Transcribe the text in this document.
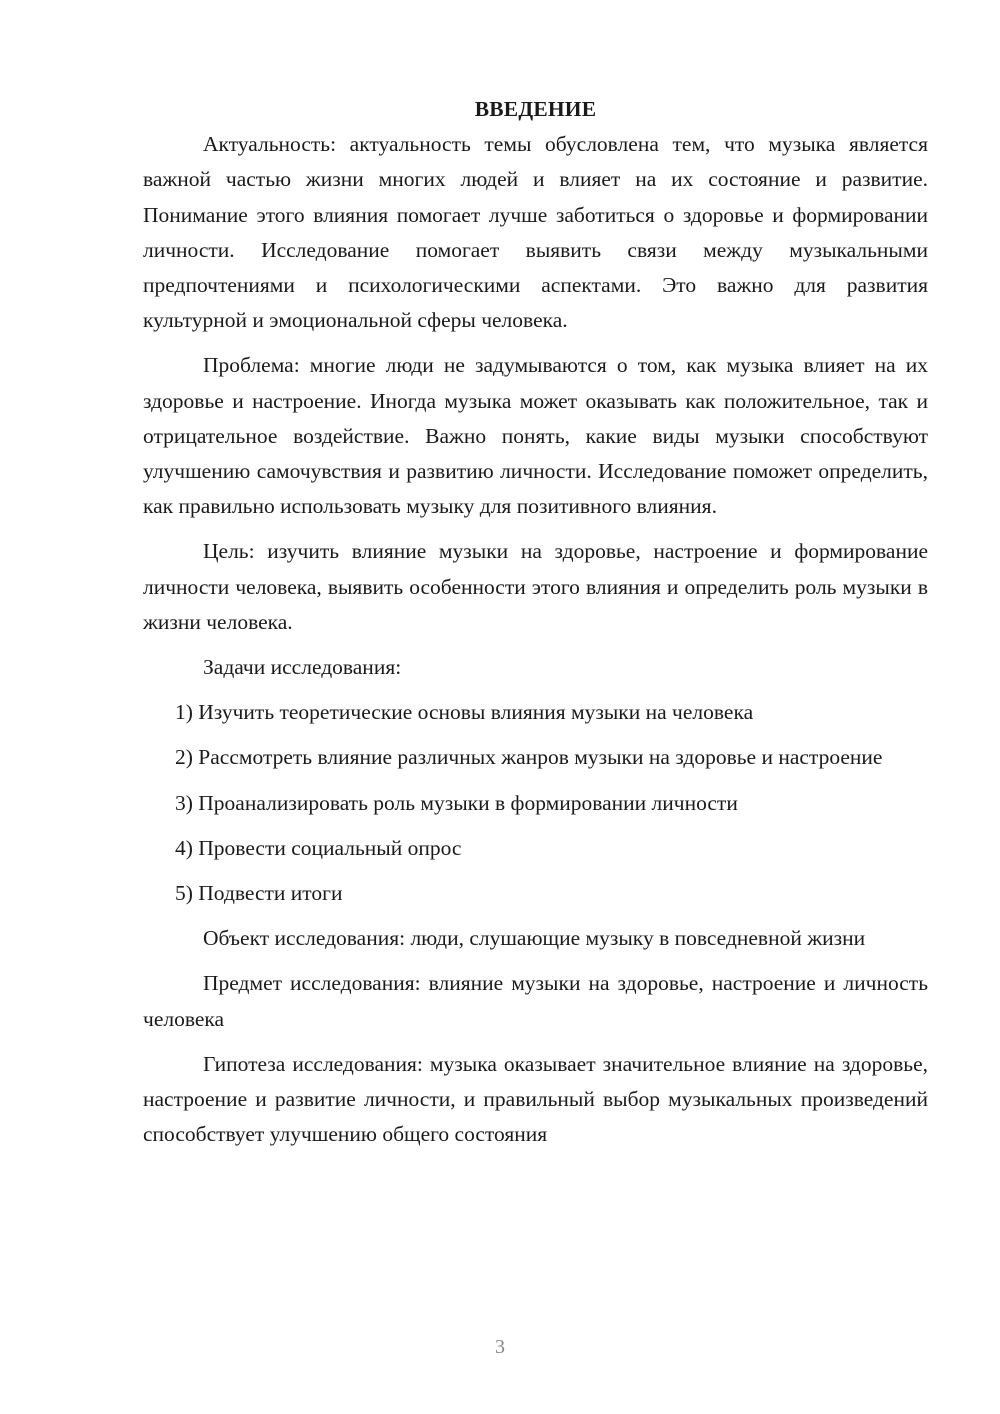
ВВЕДЕНИЕ

Актуальность: актуальность темы обусловлена тем, что музыка является важной частью жизни многих людей и влияет на их состояние и развитие. Понимание этого влияния помогает лучше заботиться о здоровье и формировании личности. Исследование помогает выявить связи между музыкальными предпочтениями и психологическими аспектами. Это важно для развития культурной и эмоциональной сферы человека.

Проблема: многие люди не задумываются о том, как музыка влияет на их здоровье и настроение. Иногда музыка может оказывать как положительное, так и отрицательное воздействие. Важно понять, какие виды музыки способствуют улучшению самочувствия и развитию личности. Исследование поможет определить, как правильно использовать музыку для позитивного влияния.

Цель: изучить влияние музыки на здоровье, настроение и формирование личности человека, выявить особенности этого влияния и определить роль музыки в жизни человека.

Задачи исследования:

1) Изучить теоретические основы влияния музыки на человека

2) Рассмотреть влияние различных жанров музыки на здоровье и настроение

3) Проанализировать роль музыки в формировании личности

4) Провести социальный опрос

5) Подвести итоги

Объект исследования: люди, слушающие музыку в повседневной жизни

Предмет исследования: влияние музыки на здоровье, настроение и личность человека

Гипотеза исследования: музыка оказывает значительное влияние на здоровье, настроение и развитие личности, и правильный выбор музыкальных произведений способствует улучшению общего состояния

3
